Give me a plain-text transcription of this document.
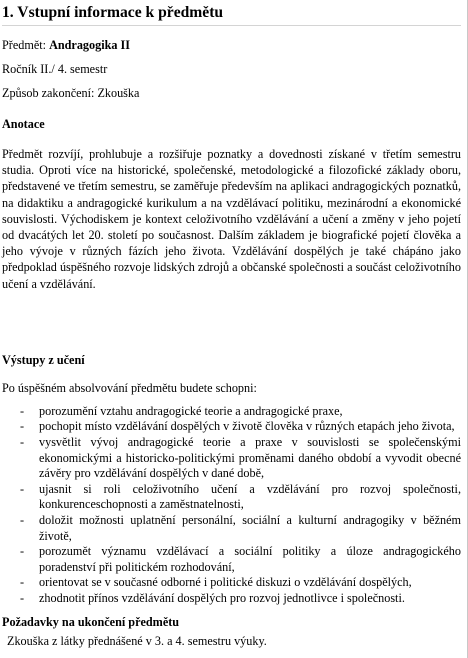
1. Vstupní informace k předmětu

Předmět: Andragogika II

Ročník II./ 4. semestr

Způsob zakončení: Zkouška

Anotace

Předmět rozvíjí, prohlubuje a rozšiřuje poznatky a dovednosti získané v třetím semestru studia. Oproti více na historické, společenské, metodologické a filozofické základy oboru, představené ve třetím semestru, se zaměřuje především na aplikaci andragogických poznatků, na didaktiku a andragogické kurikulum a na vzdělávací politiku, mezinárodní a ekonomické souvislosti. Východiskem je kontext celoživotního vzdělávání a učení a změny v jeho pojetí od dvacátých let 20. století po současnost. Dalším základem je biografické pojetí člověka a jeho vývoje v různých fázích jeho života. Vzdělávání dospělých je také chápáno jako předpoklad úspěšného rozvoje lidských zdrojů a občanské společnosti a součást celoživotního učení a vzdělávání.

Výstupy z učení

Po úspěšném absolvování předmětu budete schopni:

- porozumění vztahu andragogické teorie a andragogické praxe,
- pochopit místo vzdělávání dospělých v životě člověka v různých etapách jeho života,
- vysvětlit vývoj andragogické teorie a praxe v souvislosti se společenskými ekonomickými a historicko-politickými proměnami daného období a vyvodit obecné závěry pro vzdělávání dospělých v dané době,
- ujasnit si roli celoživotního učení a vzdělávání pro rozvoj společnosti, konkurenceschopnosti a zaměstnatelnosti,
- doložit možnosti uplatnění personální, sociální a kulturní andragogiky v běžném životě,
- porozumět významu vzdělávací a sociální politiky a úloze andragogického poradenství při politickém rozhodování,
- orientovat se v současné odborné i politické diskuzi o vzdělávání dospělých,
- zhodnotit přínos vzdělávání dospělých pro rozvoj jednotlivce i společnosti.
Požadavky na ukončení předmětu

Zkouška z látky přednášené v 3. a 4. semestru výuky.
